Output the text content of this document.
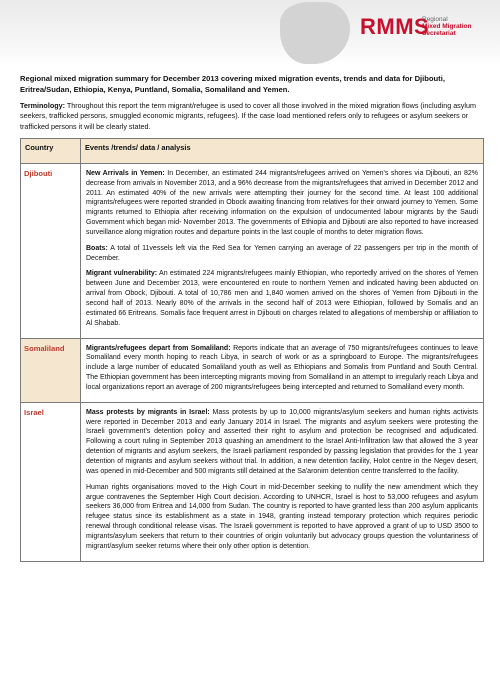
RMMS
Regional
Mixed Migration
Secretariat

Regional mixed migration summary for December 2013 covering mixed migration events, trends and data for Djibouti, Eritrea/Sudan, Ethiopia, Kenya, Puntland, Somalia, Somaliland and Yemen.

Terminology: Throughout this report the term migrant/refugee is used to cover all those involved in the mixed migration flows (including asylum seekers, trafficked persons, smuggled economic migrants, refugees). If the case load mentioned refers only to refugees or asylum seekers or trafficked persons it will be clearly stated.

Country	Events /trends/ data / analysis
Djibouti	New Arrivals in Yemen: In December, an estimated 244 migrants/refugees arrived on Yemen's shores via Djibouti, an 82% decrease from arrivals in November 2013, and a 96% decrease from the migrants/refugees that arrived in December 2012 and 2011. An estimated 40% of the new arrivals were attempting their journey for the second time. At least 100 additional migrants/refugees were reported stranded in Obock awaiting financing from relatives for their onward journey to Yemen. Some migrants returned to Ethiopia after receiving information on the expulsion of undocumented labour migrants by the Saudi Government which began mid- November 2013. The governments of Ethiopia and Djibouti are also reported to have increased surveillance along migration routes and departure points in the last couple of months to deter migration flows.

Boats: A total of 11vessels left via the Red Sea for Yemen carrying an average of 22 passengers per trip in the month of December.

Migrant vulnerability: An estimated 224 migrants/refugees mainly Ethiopian, who reportedly arrived on the shores of Yemen between June and December 2013, were encountered en route to northern Yemen and indicated having been abducted on arrival from Obock, Djibouti. A total of 10,786 men and 1,840 women arrived on the shores of Yemen from Djibouti in the second half of 2013. Nearly 80% of the arrivals in the second half of 2013 were Ethiopian, followed by Somalis and an estimated 66 Eritreans. Somalis face frequent arrest in Djibouti on charges related to allegations of membership or affiliation to Al Shabab.

Somaliland	Migrants/refugees depart from Somaliland: Reports indicate that an average of 750 migrants/refugees continues to leave Somaliland every month hoping to reach Libya, in search of work or as a springboard to Europe. The migrants/refugees include a large number of educated Somaliland youth as well as Ethiopians and Somalis from Puntland and South Central. The Ethiopian government has been intercepting migrants moving from Somaliland in an attempt to irregularly reach Libya and local organizations report an average of 200 migrants/refugees being intercepted and returned to Somaliland every month.

Israel	Mass protests by migrants in Israel: Mass protests by up to 10,000 migrants/asylum seekers and human rights activists were reported in December 2013 and early January 2014 in Israel. The migrants and asylum seekers were protesting the Israeli government's detention policy and asserted their right to asylum and protection be recognised and adjudicated. Following a court ruling in September 2013 quashing an amendment to the Israel Anti-Infiltration law that allowed the 3 year detention of migrants and asylum seekers, the Israeli parliament responded by passing legislation that provides for the 1 year detention of migrants and asylum seekers without trial. In addition, a new detention facility, Holot centre in the Negev desert, was opened in mid-December and 500 migrants still detained at the Sa'aronim detention centre transferred to the facility.

Human rights organisations moved to the High Court in mid-December seeking to nullify the new amendment which they argue contravenes the September High Court decision. According to UNHCR, Israel is host to 53,000 refugees and asylum seekers 36,000 from Eritrea and 14,000 from Sudan. The country is reported to have granted less than 200 asylum applicants refugee status since its establishment as a state in 1948, granting instead temporary protection which requires periodic renewal through conditional release visas. The Israeli government is reported to have approved a grant of up to USD 3500 to migrants/asylum seekers that return to their countries of origin voluntarily but advocacy groups question the voluntariness of migrant/asylum seeker returns where their only other option is detention.
